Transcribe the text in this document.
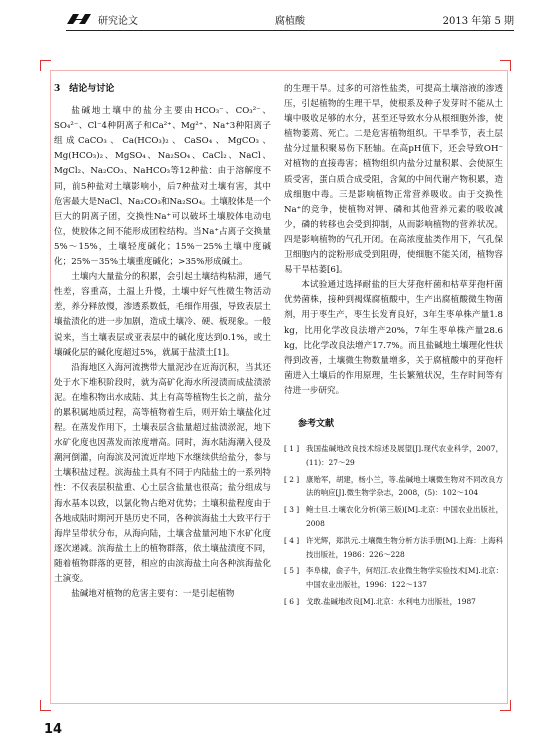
研究论文	腐植酸	2013 年第 5 期
3　结论与讨论

盐碱地土壤中的盐分主要由HCO₃⁻、CO₃²⁻、SO₄²⁻、Cl⁻4种阴离子和Ca²⁺、Mg²⁺、Na⁺3种阳离子组成CaCO₃、Ca(HCO₃)₂、CaSO₄、MgCO₃、Mg(HCO₃)₂、MgSO₄、Na₂SO₄、CaCl₂、NaCl、MgCl₂、Na₂CO₃、NaHCO₃等12种盐：由于溶解度不同，前5种盐对土壤影响小，后7种盐对土壤有害，其中危害最大是NaCl、Na₂CO₃和Na₂SO₄。土壤胶体是一个巨大的阴离子团，交换性Na⁺可以破坏土壤胶体电动电位，使胶体之间不能形成团粒结构。当Na⁺占离子交换量5%～15%，土壤轻度碱化；15%－25%土壤中度碱化；25%－35%土壤重度碱化；>35%形成碱土。

土壤内大量盐分的积累，会引起土壤结构粘滞，通气性差，容重高，土温上升慢，土壤中好气性微生物活动差，养分释放慢，渗透系数低，毛细作用强，导致表层土壤盐渍化的进一步加剧，造成土壤冷、硬、板现象。一般说来，当土壤表层或亚表层中的碱化度达到0.1%，或土壤碱化层的碱化度超过5%，就属于盐渍土[1]。

沿海地区入海河流携带大量泥沙在近海沉积，当其还处于水下堆积阶段时，就为高矿化海水所浸渍而成盐渍淤泥。在堆积物出水成陆、其上有高等植物生长之前，盐分的累积属地质过程，高等植物着生后，则开始土壤盐化过程。在蒸发作用下，土壤表层含盐量超过盐渍淤泥，地下水矿化度也因蒸发而浓度增高。同时，海水陆海潮入侵及潮河倒灌，向海滨及河流近岸地下水继续供给盐分，参与土壤积盐过程。滨海盐土具有不同于内陆盐土的一系列特性：不仅表层积盐重、心土层含盐量也很高；盐分组成与海水基本以致，以氯化物占绝对优势；土壤积盐程度由于各地成陆时期河开垦历史不同，各种滨海盐土大致平行于海岸呈带状分布，从海向陆，土壤含盐量河地下水矿化度逐次递减。滨海盐土上的植物群落，依土壤盐渍度不同，随着植物群落的更替，相应的由滨海盐土向各种滨海盐化土演变。

盐碱地对植物的危害主要有：一是引起植物

的生理干旱。过多的可溶性盐类，可提高土壤溶液的渗透压，引起植物的生理干旱，使根系及种子发芽时不能从土壤中吸收足够的水分，甚至还导致水分从根细胞外渗，使植物萎蔫、死亡。二是危害植物组织。干旱季节，表土层盐分过量积聚易伤下胚轴。在高pH值下，还会导致OH⁻对植物的直接毒害；植物组织内盐分过量积累、会使原生质受害，蛋白质合成受阻，含氮的中间代谢产物积累，造成细胞中毒。三是影响植物正常营养吸收。由于交换性Na⁺的竞争，使植物对钾、磷和其他营养元素的吸收减少，磷的转移也会受到抑制，从而影响植物的营养状况。四是影响植物的气孔开闭。在高浓度盐类作用下，气孔保卫细胞内的淀粉形成受到阻碍，使细胞不能关闭，植物容易干旱枯萎[6]。

本试验通过选择耐盐的巨大芽孢杆菌和枯草芽孢杆菌优势菌株，接种到褐煤腐植酸中，生产出腐植酸微生物菌剂，用于枣生产，枣生长发育良好，3年生枣单株产量1.8 kg，比用化学改良法增产20%，7年生枣单株产量28.6 kg，比化学改良法增产17.7%。而且盐碱地土壤理化性状得到改善，土壤微生物数量增多，关于腐植酸中的芽孢杆菌进入土壤后的作用原理，生长繁殖状况，生存时间等有待进一步研究。

参考文献
[ 1 ] 我国盐碱地改良技术综述及展望[J].现代农业科学，2007，(11)：27～29
[ 2 ] 康贻军，胡建，杨小兰，等.盐碱地土壤微生物对不同改良方法的响应[J].微生物学杂志，2008，(5)：102～104
[ 3 ] 鲍士旦.土壤农化分析(第三版)[M].北京：中国农业出版社，2008
[ 4 ] 许光辉，郑洪元.土壤微生物分析方法手册[M].上海：上海科技出版社，1986：226～228
[ 5 ] 李阜棣，俞子牛，何绍江.农业微生物学实验技术[M].北京：中国农业出版社，1996：122～137
[ 6 ] 戈敢.盐碱地改良[M].北京：水利电力出版社，1987
14
